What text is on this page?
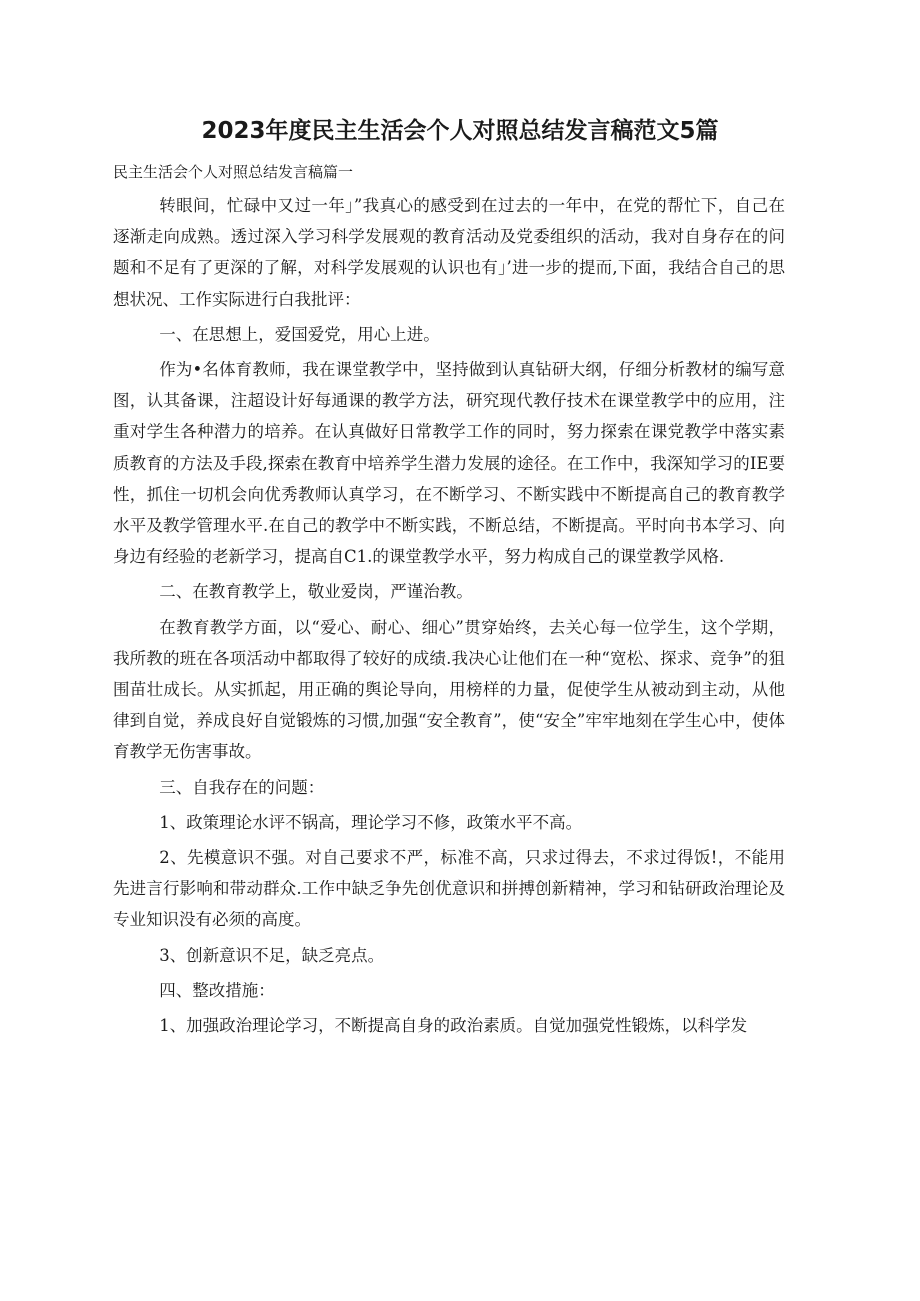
2023年度民主生活会个人对照总结发言稿范文5篇

民主生活会个人对照总结发言稿篇一

转眼间，忙碌中又过一年」”我真心的感受到在过去的一年中，在党的帮忙下，自己在逐渐走向成熟。透过深入学习科学发展观的教育活动及党委组织的活动，我对自身存在的问题和不足有了更深的了解，对科学发展观的认识也有」’进一步的提而,下面，我结合自己的思想状况、工作实际进行白我批评：

一、在思想上，爱国爱党，用心上进。

作为•名体育教师，我在课堂教学中，坚持做到认真钻研大纲，仔细分析教材的编写意图，认其备课，注超设计好每通课的教学方法，研究现代教仔技术在课堂教学中的应用，注重对学生各种潜力的培养。在认真做好日常教学工作的同时，努力探索在课党教学中落实素质教育的方法及手段,探索在教育中培养学生潜力发展的途径。在工作中，我深知学习的IE要性，抓住一切机会向优秀教师认真学习，在不断学习、不断实践中不断提高自己的教育教学水平及教学管理水平.在自己的教学中不断实践，不断总结，不断提高。平时向书本学习、向身边有经验的老新学习，提高自C1.的课堂教学水平，努力构成自己的课堂教学风格.

二、在教育教学上，敬业爱岗，严谨治教。

在教育教学方面，以“爱心、耐心、细心”贯穿始终，去关心每一位学生，这个学期，我所教的班在各项活动中都取得了较好的成绩.我决心让他们在一种“宽松、探求、竞争”的狙围苗壮成长。从实抓起，用正确的舆论导向，用榜样的力量，促使学生从被动到主动，从他律到自觉，养成良好自觉锻炼的习惯,加强“安全教育”，使“安全”牢牢地刻在学生心中，使体育教学无伤害事故。

三、自我存在的问题：

1、政策理论水评不锅高，理论学习不修，政策水平不高。

2、先模意识不强。对自己要求不严，标准不高，只求过得去，不求过得饭!，不能用先进言行影响和带动群众.工作中缺乏争先创优意识和拼搏创新精神，学习和钻研政治理论及专业知识没有必须的高度。

3、创新意识不足，缺乏亮点。

四、整改措施：

1、加强政治理论学习，不断提高自身的政治素质。自觉加强党性锻炼，以科学发
